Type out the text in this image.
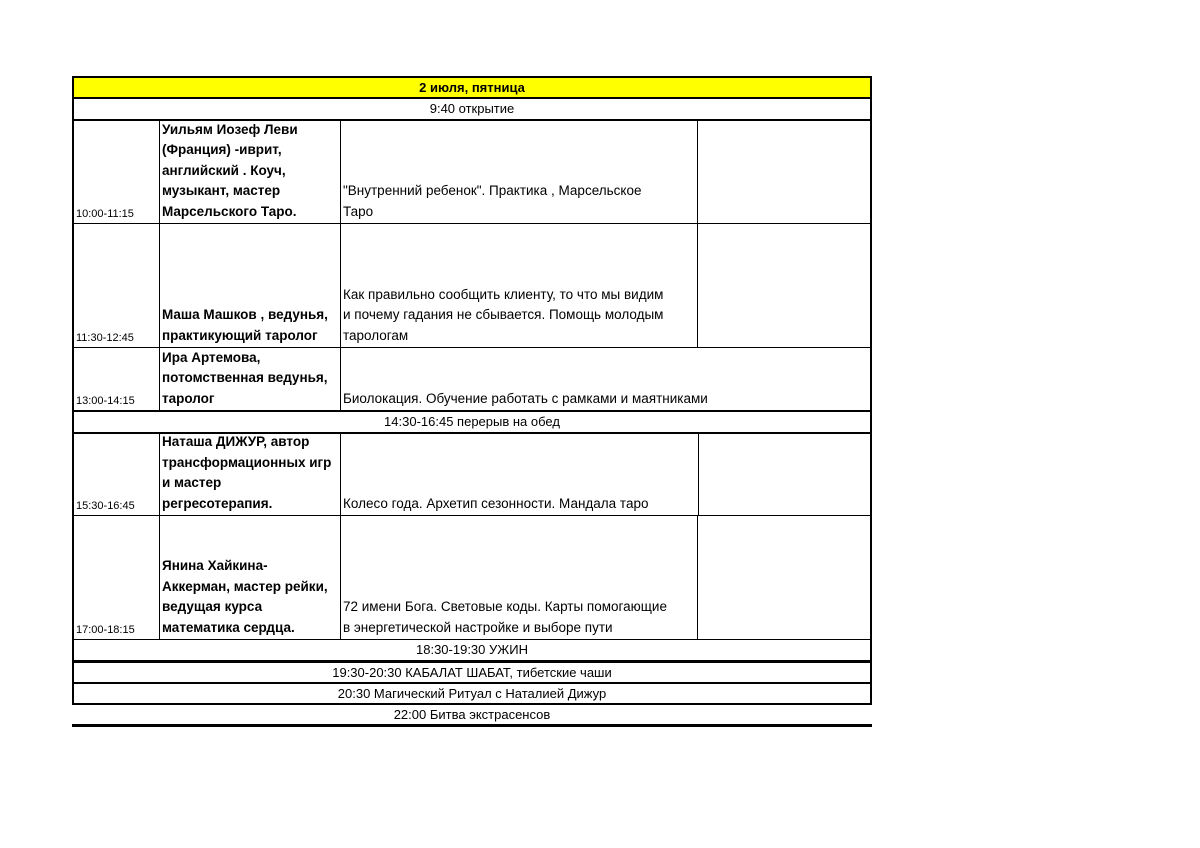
2 июля, пятница
9:40 открытие
10:00-11:15
Уильям Иозеф Леви
(Франция) -иврит,
английский . Коуч,
музыкант, мастер
Марсельского Таро.
"Внутренний ребенок". Практика , Марсельское
Таро
11:30-12:45
Маша Машков , ведунья,
практикующий таролог
Как правильно сообщить клиенту, то что мы видим
и почему гадания не сбывается. Помощь молодым
тарологам
13:00-14:15
Ира Артемова,
потомственная ведунья,
таролог	Биолокация. Обучение работать с рамками и маятниками
14:30-16:45 перерыв на обед
15:30-16:45
Наташа ДИЖУР, автор
трансформационных игр
и мастер
регресотерапия.	Колесо года. Архетип сезонности. Мандала таро
17:00-18:15
Янина Хайкина-
Аккерман, мастер рейки,
ведущая курса
математика сердца.
72 имени Бога. Световые коды. Карты помогающие
в энергетической настройке и выборе пути
18:30-19:30 УЖИН
19:30-20:30 КАБАЛАТ ШАБАТ, тибетские чаши
20:30 Магический Ритуал с Наталией Дижур
22:00 Битва экстрасенсов
